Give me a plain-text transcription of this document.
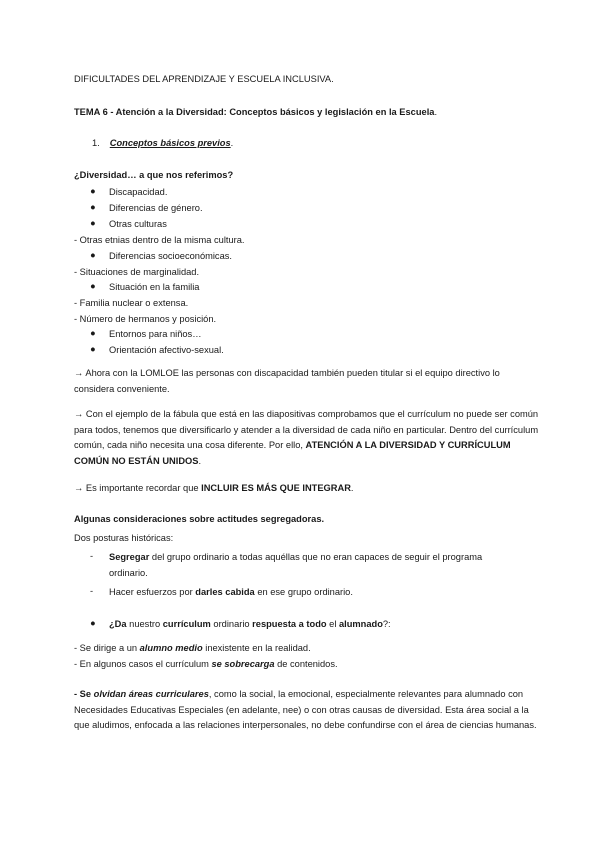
DIFICULTADES DEL APRENDIZAJE Y ESCUELA INCLUSIVA.
TEMA 6 - Atención a la Diversidad: Conceptos básicos y legislación en la Escuela.
1. Conceptos básicos previos.
¿Diversidad… a que nos referimos?
● Discapacidad.
● Diferencias de género.
● Otras culturas
- Otras etnias dentro de la misma cultura.
● Diferencias socioeconómicas.
- Situaciones de marginalidad.
● Situación en la familia
- Familia nuclear o extensa.
- Número de hermanos y posición.
● Entornos para niños…
● Orientación afectivo-sexual.
→ Ahora con la LOMLOE las personas con discapacidad también pueden titular si el equipo directivo lo considera conveniente.
→ Con el ejemplo de la fábula que está en las diapositivas comprobamos que el currículum no puede ser común para todos, tenemos que diversificarlo y atender a la diversidad de cada niño en particular. Dentro del currículum común, cada niño necesita una cosa diferente. Por ello, ATENCIÓN A LA DIVERSIDAD Y CURRÍCULUM COMÚN NO ESTÁN UNIDOS.
→ Es importante recordar que INCLUIR ES MÁS QUE INTEGRAR.
Algunas consideraciones sobre actitudes segregadoras.
Dos posturas históricas:
- Segregar del grupo ordinario a todas aquéllas que no eran capaces de seguir el programa
ordinario.
- Hacer esfuerzos por darles cabida en ese grupo ordinario.
● ¿Da nuestro currículum ordinario respuesta a todo el alumnado?:
- Se dirige a un alumno medio inexistente en la realidad.
- En algunos casos el currículum se sobrecarga de contenidos.
- Se olvidan áreas curriculares, como la social, la emocional, especialmente relevantes para alumnado con Necesidades Educativas Especiales (en adelante, nee) o con otras causas de diversidad. Esta área social a la que aludimos, enfocada a las relaciones interpersonales, no debe confundirse con el área de ciencias humanas.
